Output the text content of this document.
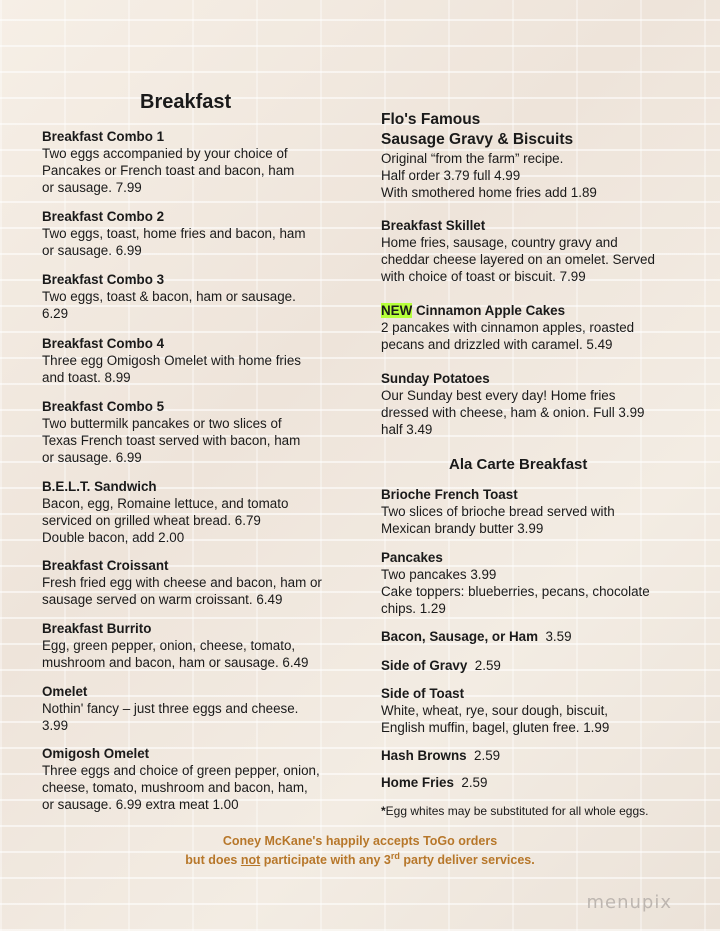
Breakfast
Breakfast Combo 1
Two eggs accompanied by your choice of
Pancakes or French toast and bacon, ham
or sausage. 7.99
Breakfast Combo 2
Two eggs, toast, home fries and bacon, ham
or sausage. 6.99
Breakfast Combo 3
Two eggs, toast & bacon, ham or sausage.
6.29
Breakfast Combo 4
Three egg Omigosh Omelet with home fries
and toast. 8.99
Breakfast Combo 5
Two buttermilk pancakes or two slices of
Texas French toast served with bacon, ham
or sausage. 6.99
B.E.L.T. Sandwich
Bacon, egg, Romaine lettuce, and tomato
serviced on grilled wheat bread. 6.79
Double bacon, add 2.00
Breakfast Croissant
Fresh fried egg with cheese and bacon, ham or
sausage served on warm croissant. 6.49
Breakfast Burrito
Egg, green pepper, onion, cheese, tomato,
mushroom and bacon, ham or sausage. 6.49
Omelet
Nothin' fancy – just three eggs and cheese.
3.99
Omigosh Omelet
Three eggs and choice of green pepper, onion,
cheese, tomato, mushroom and bacon, ham,
or sausage. 6.99 extra meat 1.00
Flo's Famous
Sausage Gravy & Biscuits
Original “from the farm” recipe.
Half order 3.79 full 4.99
With smothered home fries add 1.89
Breakfast Skillet
Home fries, sausage, country gravy and
cheddar cheese layered on an omelet. Served
with choice of toast or biscuit. 7.99
NEW Cinnamon Apple Cakes
2 pancakes with cinnamon apples, roasted
pecans and drizzled with caramel. 5.49
Sunday Potatoes
Our Sunday best every day! Home fries
dressed with cheese, ham & onion. Full 3.99
half 3.49
Ala Carte Breakfast
Brioche French Toast
Two slices of brioche bread served with
Mexican brandy butter 3.99
Pancakes
Two pancakes 3.99
Cake toppers: blueberries, pecans, chocolate
chips. 1.29
Bacon, Sausage, or Ham 3.59
Side of Gravy 2.59
Side of Toast
White, wheat, rye, sour dough, biscuit,
English muffin, bagel, gluten free. 1.99
Hash Browns 2.59
Home Fries 2.59
*Egg whites may be substituted for all whole eggs.
Coney McKane's happily accepts ToGo orders
but does not participate with any 3rd party deliver services.
menupix
